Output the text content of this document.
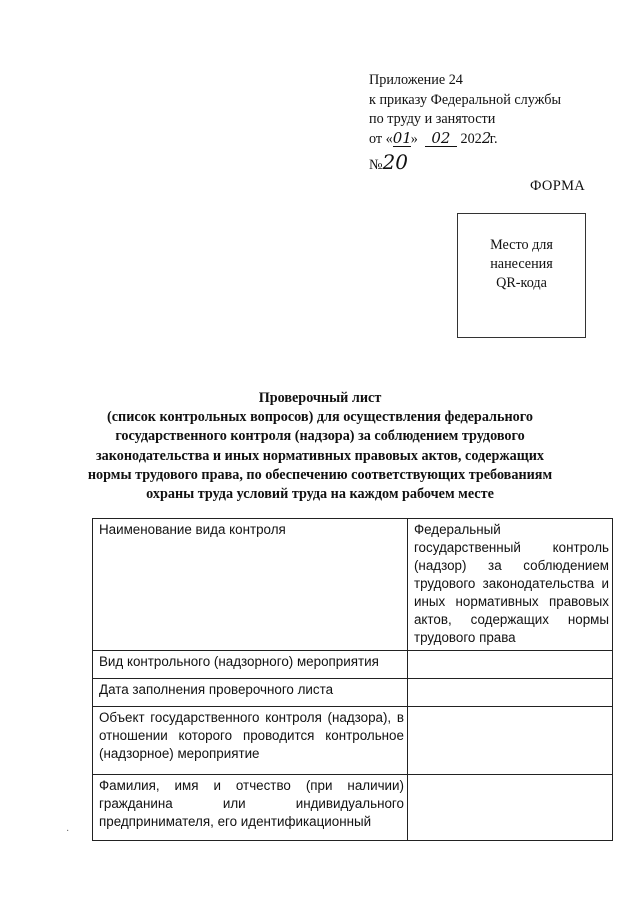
Приложение 24
к приказу Федеральной службы
по труду и занятости
от «01» 02 2022г.
№20
ФОРМА
Место для
нанесения
QR-кода
Проверочный лист
(список контрольных вопросов) для осуществления федерального
государственного контроля (надзора) за соблюдением трудового
законодательства и иных нормативных правовых актов, содержащих
нормы трудового права, по обеспечению соответствующих требованиям
охраны труда условий труда на каждом рабочем месте
Наименование вида контроля	Федеральный государственный контроль (надзор) за соблюдением трудового законодательства и иных нормативных правовых актов, содержащих нормы трудового права
Вид контрольного (надзорного) мероприятия	
Дата заполнения проверочного листа	
Объект государственного контроля (надзора), в отношении которого проводится контрольное (надзорное) мероприятие	
Фамилия, имя и отчество (при наличии) гражданина или индивидуального предпринимателя, его идентификационный	
·
